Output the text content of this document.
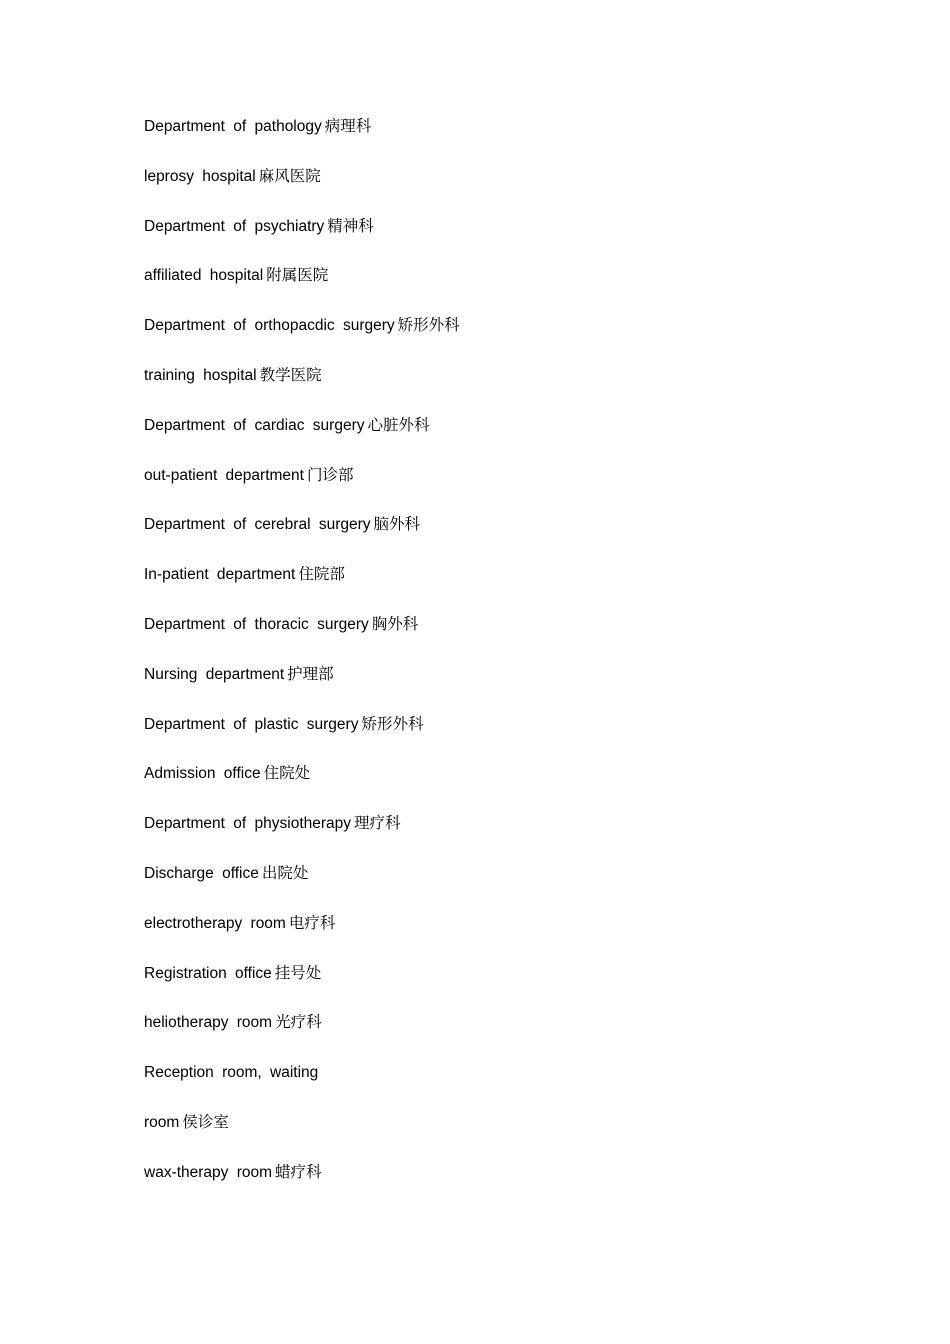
Department of pathology 病理科
leprosy hospital 麻风医院
Department of psychiatry 精神科
affiliated hospital 附属医院
Department of orthopacdic surgery 矫形外科
training hospital 教学医院
Department of cardiac surgery 心脏外科
out-patient department 门诊部
Department of cerebral surgery 脑外科
In-patient department 住院部
Department of thoracic surgery 胸外科
Nursing department 护理部
Department of plastic surgery 矫形外科
Admission office 住院处
Department of physiotherapy 理疗科
Discharge office 出院处
electrotherapy room 电疗科
Registration office 挂号处
heliotherapy room 光疗科
Reception room, waiting
room 侯诊室
wax-therapy room 蜡疗科
